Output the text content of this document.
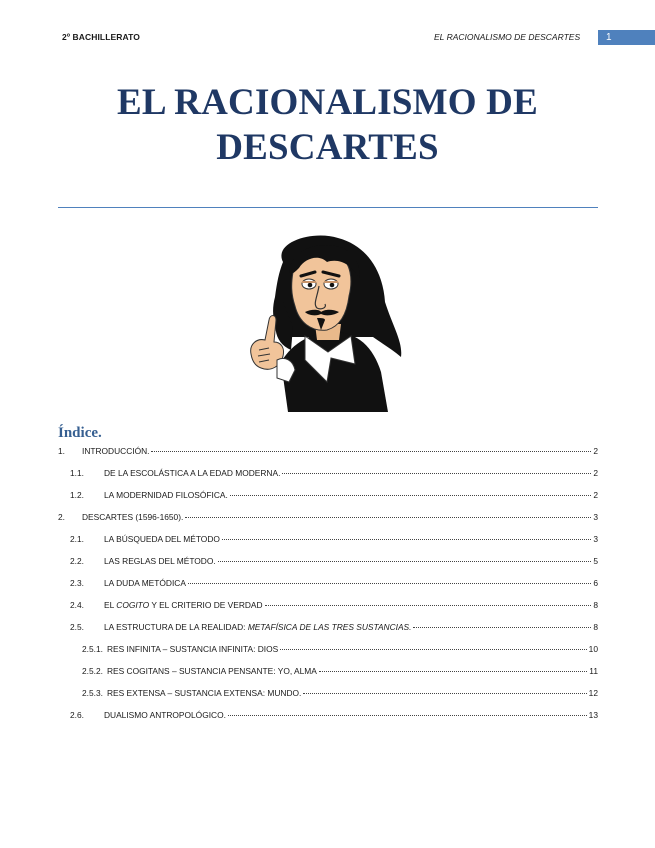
2º BACHILLERATO	EL RACIONALISMO DE DESCARTES	1
EL RACIONALISMO DE
DESCARTES
Índice.
1.	INTRODUCCIÓN.	2
1.1.	DE LA ESCOLÁSTICA A LA EDAD MODERNA.	2
1.2.	LA MODERNIDAD FILOSÓFICA.	2
2.	DESCARTES (1596-1650).	3
2.1.	LA BÚSQUEDA DEL MÉTODO	3
2.2.	LAS REGLAS DEL MÉTODO.	5
2.3.	LA DUDA METÓDICA	6
2.4.	EL COGITO Y EL CRITERIO DE VERDAD	8
2.5.	LA ESTRUCTURA DE LA REALIDAD: METAFÍSICA DE LAS TRES SUSTANCIAS.	8
2.5.1. RES INFINITA – SUSTANCIA INFINITA: DIOS	10
2.5.2. RES COGITANS – SUSTANCIA PENSANTE: YO, ALMA	11
2.5.3. RES EXTENSA – SUSTANCIA EXTENSA: MUNDO.	12
2.6.	DUALISMO ANTROPOLÓGICO.	13
